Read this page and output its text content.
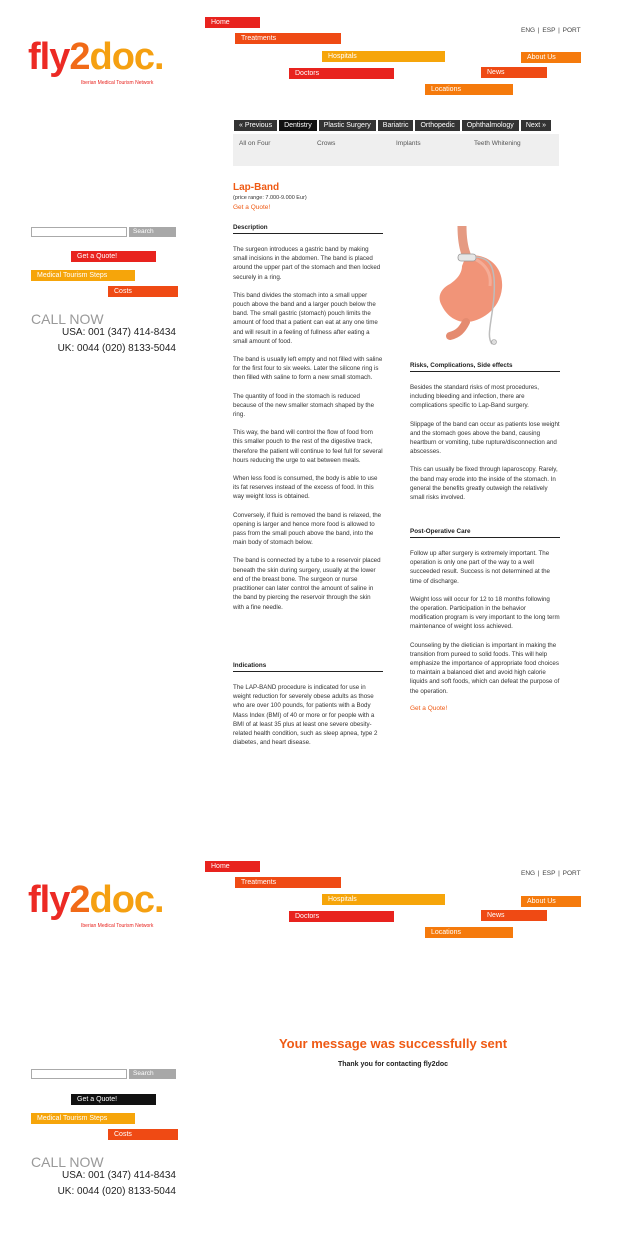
fly2doc.
Iberian Medical Tourism Network
ENG | ESP | PORT
Home
Treatments
Hospitals
Doctors
About Us
News
Locations
Search
Get a Quote!
Medical Tourism Steps
Costs
CALL NOW
USA: 001 (347) 414-8434
UK: 0044 (020) 8133-5044
« Previous	Dentistry	Plastic Surgery	Bariatric	Orthopedic	Ophthalmology	Next »
All on Four	Crows	Implants	Teeth Whitening
Lap-Band
(price range: 7.000-9.000 Eur)
Get a Quote!
Description

The surgeon introduces a gastric band by making small incisions in the abdomen. The band is placed around the upper part of the stomach and then locked securely in a ring.

This band divides the stomach into a small upper pouch above the band and a larger pouch below the band. The small gastric (stomach) pouch limits the amount of food that a patient can eat at any one time and will result in a feeling of fullness after eating a small amount of food.

The band is usually left empty and not filled with saline for the first four to six weeks. Later the silicone ring is then filled with saline to form a new small stomach.

The quantity of food in the stomach is reduced because of the new smaller stomach shaped by the ring.

This way, the band will control the flow of food from this smaller pouch to the rest of the digestive track, therefore the patient will continue to feel full for several hours reducing the urge to eat between meals.

When less food is consumed, the body is able to use its fat reserves instead of the excess of food. In this way weight loss is obtained.

Conversely, if fluid is removed the band is relaxed, the opening is larger and hence more food is allowed to pass from the small pouch above the band, into the main body of stomach below.

The band is connected by a tube to a reservoir placed beneath the skin during surgery, usually at the lower end of the breast bone. The surgeon or nurse practitioner can later control the amount of saline in the band by piercing the reservoir through the skin with a fine needle.

Indications

The LAP-BAND procedure is indicated for use in weight reduction for severely obese adults as those who are over 100 pounds, for patients with a Body Mass Index (BMI) of 40 or more or for people with a BMI of at least 35 plus at least one severe obesity-related health condition, such as sleep apnea, type 2 diabetes, and heart disease.

Risks, Complications, Side effects

Besides the standard risks of most procedures, including bleeding and infection, there are complications specific to Lap-Band surgery.

Slippage of the band can occur as patients lose weight and the stomach goes above the band, causing heartburn or vomiting, tube rupture/disconnection and abscesses.

This can usually be fixed through laparoscopy. Rarely, the band may erode into the inside of the stomach. In general the benefits greatly outweigh the relatively small risks involved.

Post-Operative Care

Follow up after surgery is extremely important. The operation is only one part of the way to a well succeeded result. Success is not determined at the time of discharge.

Weight loss will occur for 12 to 18 months following the operation. Participation in the behavior modification program is very important to the long term maintenance of weight loss achieved.

Counseling by the dietician is important in making the transition from pureed to solid foods. This will help emphasize the importance of appropriate food choices to maintain a balanced diet and avoid high calorie liquids and soft foods, which can defeat the purpose of the operation.

Get a Quote!
fly2doc.
Iberian Medical Tourism Network
ENG | ESP | PORT
Home
Treatments
Hospitals
Doctors
About Us
News
Locations
Search
Get a Quote!
Medical Tourism Steps
Costs
CALL NOW
USA: 001 (347) 414-8434
UK: 0044 (020) 8133-5044
Your message was successfully sent
Thank you for contacting fly2doc
